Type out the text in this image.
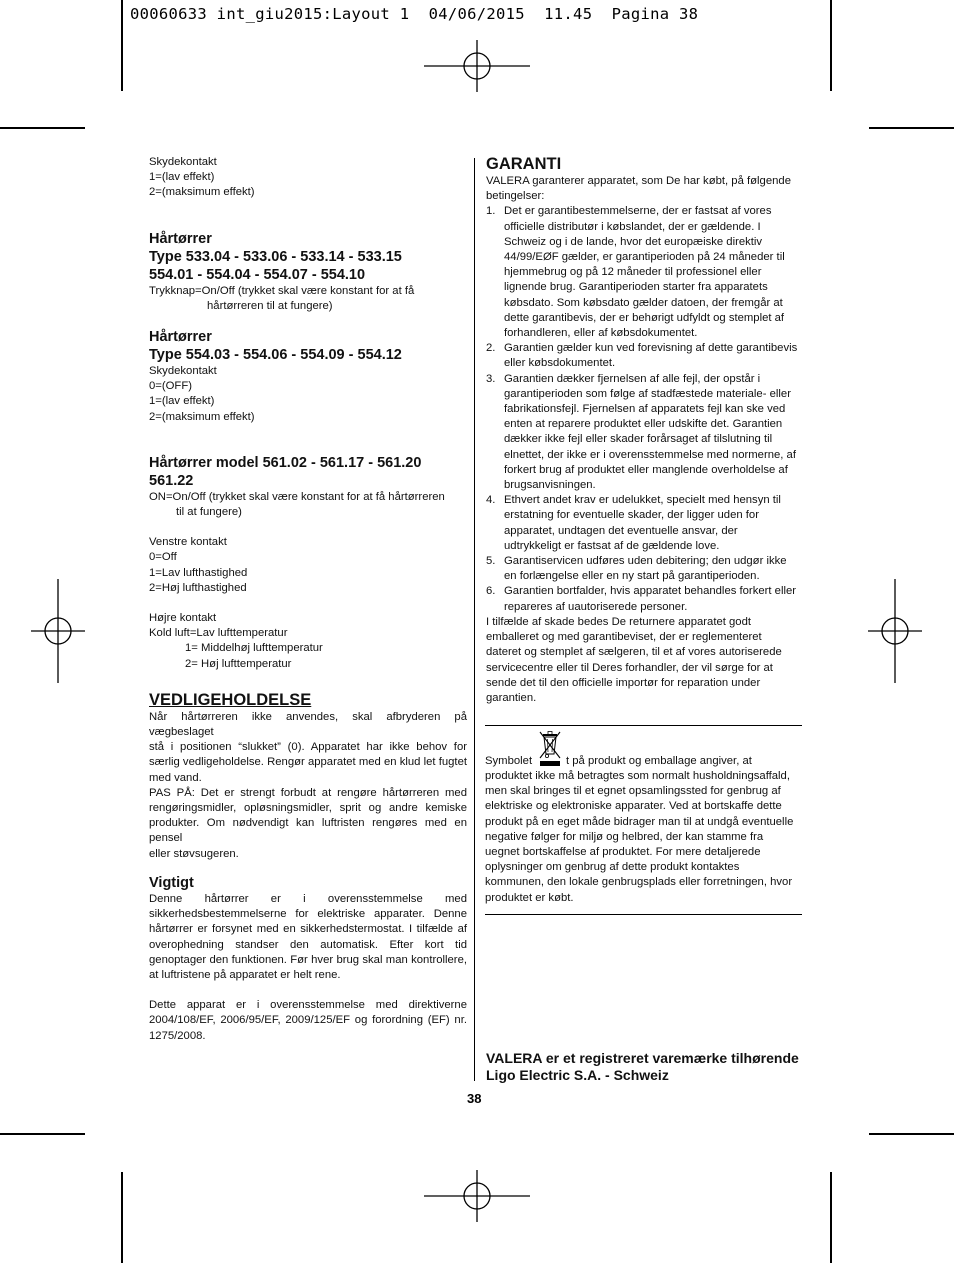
00060633 int_giu2015:Layout 1  04/06/2015  11.45  Pagina 38
Skydekontakt
1=(lav effekt)
2=(maksimum effekt)
Hårtørrer
Type 533.04 - 533.06 - 533.14 - 533.15
554.01 - 554.04 - 554.07 - 554.10
Trykknap=On/Off (trykket skal være konstant for at få
hårtørreren til at fungere)
Hårtørrer
Type 554.03 - 554.06 - 554.09 - 554.12
Skydekontakt
0=(OFF)
1=(lav effekt)
2=(maksimum effekt)
Hårtørrer model 561.02 - 561.17 - 561.20
561.22
ON=On/Off (trykket skal være konstant for at få hårtørreren
til at fungere)
Venstre kontakt
0=Off
1=Lav lufthastighed
2=Høj lufthastighed
Højre kontakt
Kold luft=Lav lufttemperatur
1= Middelhøj lufttemperatur
2= Høj lufttemperatur
VEDLIGEHOLDELSE
Når hårtørreren ikke anvendes, skal afbryderen på vægbeslaget
stå i positionen “slukket” (0). Apparatet har ikke behov for
særlig vedligeholdelse. Rengør apparatet med en klud let fugtet
med vand.
PAS PÅ: Det er strengt forbudt at rengøre hårtørreren med
rengøringsmidler, opløsningsmidler, sprit og andre kemiske
produkter. Om nødvendigt kan luftristen rengøres med en pensel
eller støvsugeren.
Vigtigt
Denne hårtørrer er i overensstemmelse med
sikkerhedsbestemmelserne for elektriske apparater. Denne
hårtørrer er forsynet med en sikkerhedstermostat. I tilfælde af
overophedning standser den automatisk. Efter kort tid
genoptager den funktionen. Før hver brug skal man kontrollere,
at luftristene på apparatet er helt rene.
Dette apparat er i overensstemmelse med direktiverne
2004/108/EF, 2006/95/EF, 2009/125/EF og forordning (EF) nr.
1275/2008.
GARANTI
VALERA garanterer apparatet, som De har købt, på følgende
betingelser:
1. Det er garantibestemmelserne, der er fastsat af vores
officielle distributør i købslandet, der er gældende. I
Schweiz og i de lande, hvor det europæiske direktiv
44/99/EØF gælder, er garantiperioden på 24 måneder til
hjemmebrug og på 12 måneder til professionel eller
lignende brug. Garantiperioden starter fra apparatets
købsdato. Som købsdato gælder datoen, der fremgår at
dette garantibevis, der er behørigt udfyldt og stemplet af
forhandleren, eller af købsdokumentet.
2. Garantien gælder kun ved forevisning af dette garantibevis
eller købsdokumentet.
3. Garantien dækker fjernelsen af alle fejl, der opstår i
garantiperioden som følge af stadfæstede materiale- eller
fabrikationsfejl. Fjernelsen af apparatets fejl kan ske ved
enten at reparere produktet eller udskifte det. Garantien
dækker ikke fejl eller skader forårsaget af tilslutning til
elnettet, der ikke er i overensstemmelse med normerne, af
forkert brug af produktet eller manglende overholdelse af
brugsanvisningen.
4. Ethvert andet krav er udelukket, specielt med hensyn til
erstatning for eventuelle skader, der ligger uden for
apparatet, undtagen det eventuelle ansvar, der
udtrykkeligt er fastsat af de gældende love.
5. Garantiservicen udføres uden debitering; den udgør ikke
en forlængelse eller en ny start på garantiperioden.
6. Garantien bortfalder, hvis apparatet behandles forkert eller
repareres af uautoriserede personer.
I tilfælde af skade bedes De returnere apparatet godt
emballeret og med garantibeviset, der er reglementeret
dateret og stemplet af sælgeren, til et af vores autoriserede
servicecentre eller til Deres forhandler, der vil sørge for at
sende det til den officielle importør for reparation under
garantien.
Symbolet	t på produkt og emballage angiver, at
produktet ikke må betragtes som normalt husholdningsaffald,
men skal bringes til et egnet opsamlingssted for genbrug af
elektriske og elektroniske apparater. Ved at bortskaffe dette
produkt på en eget måde bidrager man til at undgå eventuelle
negative følger for miljø og helbred, der kan stamme fra
uegnet bortskaffelse af produktet. For mere detaljerede
oplysninger om genbrug af dette produkt kontaktes
kommunen, den lokale genbrugsplads eller forretningen, hvor
produktet er købt.
VALERA er et registreret varemærke tilhørende
Ligo Electric S.A. - Schweiz
38
